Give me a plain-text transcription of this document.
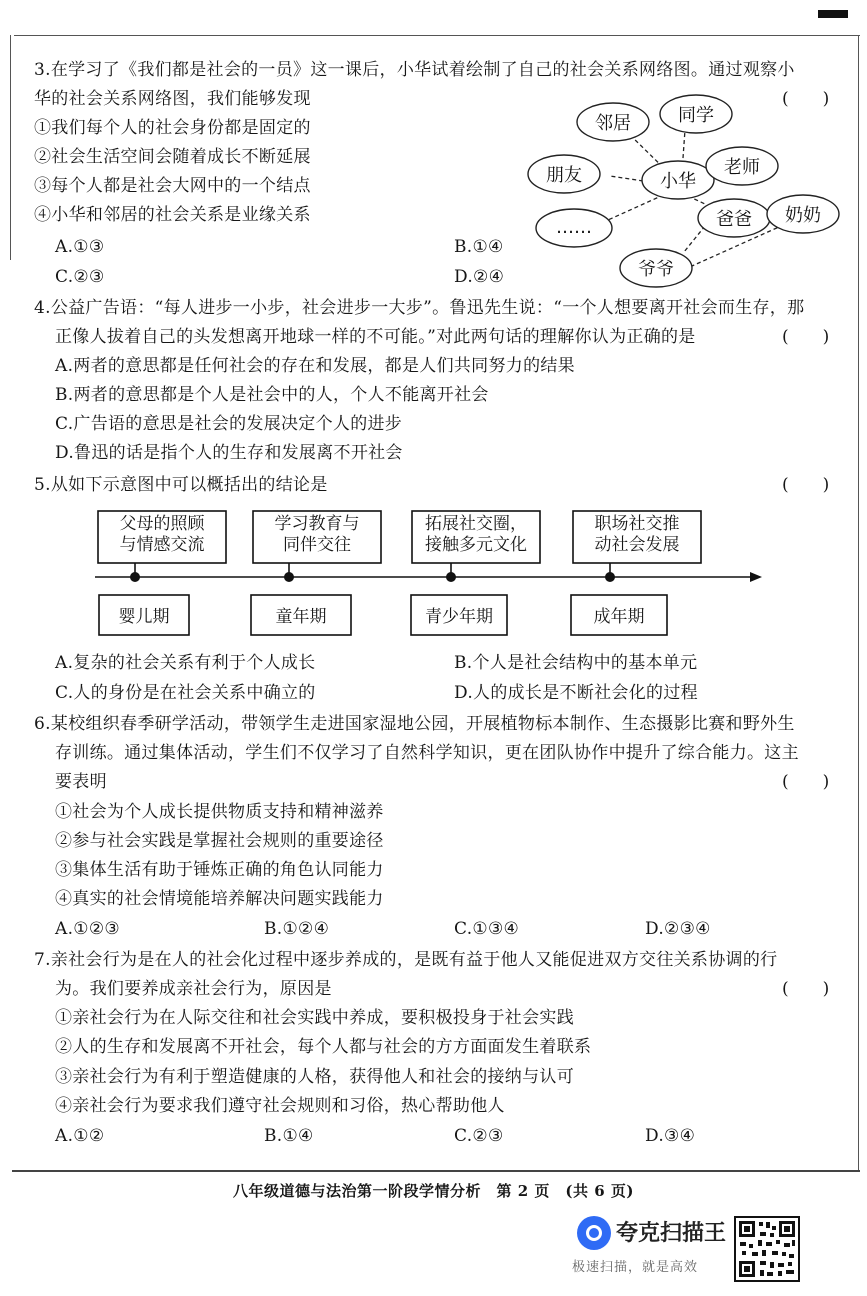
3.在学习了《我们都是社会的一员》这一课后，小华试着绘制了自己的社会关系网络图。通过观察小
华的社会关系网络图，我们能够发现	(　　)
①我们每个人的社会身份都是固定的
②社会生活空间会随着成长不断延展
③每个人都是社会大网中的一个结点
④小华和邻居的社会关系是业缘关系
A.①③	B.①④
C.②③	D.②④
邻居	同学
朋友	小华
老师
……	爸爸 奶奶
爷爷
4.公益广告语：“每人进步一小步，社会进步一大步”。鲁迅先生说：“一个人想要离开社会而生存，那
正像人拔着自己的头发想离开地球一样的不可能。”对此两句话的理解你认为正确的是	(　　)
A.两者的意思都是任何社会的存在和发展，都是人们共同努力的结果
B.两者的意思都是个人是社会中的人，个人不能离开社会
C.广告语的意思是社会的发展决定个人的进步
D.鲁迅的话是指个人的生存和发展离不开社会
5.从如下示意图中可以概括出的结论是	(　　)
父母的照顾
与情感交流
学习教育与
同伴交往
拓展社交圈，
接触多元文化
职场社交推
动社会发展
婴儿期	童年期	青少年期	成年期
A.复杂的社会关系有利于个人成长	B.个人是社会结构中的基本单元
C.人的身份是在社会关系中确立的	D.人的成长是不断社会化的过程
6.某校组织春季研学活动，带领学生走进国家湿地公园，开展植物标本制作、生态摄影比赛和野外生
存训练。通过集体活动，学生们不仅学习了自然科学知识，更在团队协作中提升了综合能力。这主
要表明	(　　)
①社会为个人成长提供物质支持和精神滋养
②参与社会实践是掌握社会规则的重要途径
③集体生活有助于锤炼正确的角色认同能力
④真实的社会情境能培养解决问题实践能力
A.①②③	B.①②④	C.①③④	D.②③④
7.亲社会行为是在人的社会化过程中逐步养成的，是既有益于他人又能促进双方交往关系协调的行
为。我们要养成亲社会行为，原因是	(　　)
①亲社会行为在人际交往和社会实践中养成，要积极投身于社会实践
②人的生存和发展离不开社会，每个人都与社会的方方面面发生着联系
③亲社会行为有利于塑造健康的人格，获得他人和社会的接纳与认可
④亲社会行为要求我们遵守社会规则和习俗，热心帮助他人
A.①②	B.①④	C.②③	D.③④
八年级道德与法治第一阶段学情分析　第 2 页　(共 6 页)
夸克扫描王
极速扫描，就是高效
